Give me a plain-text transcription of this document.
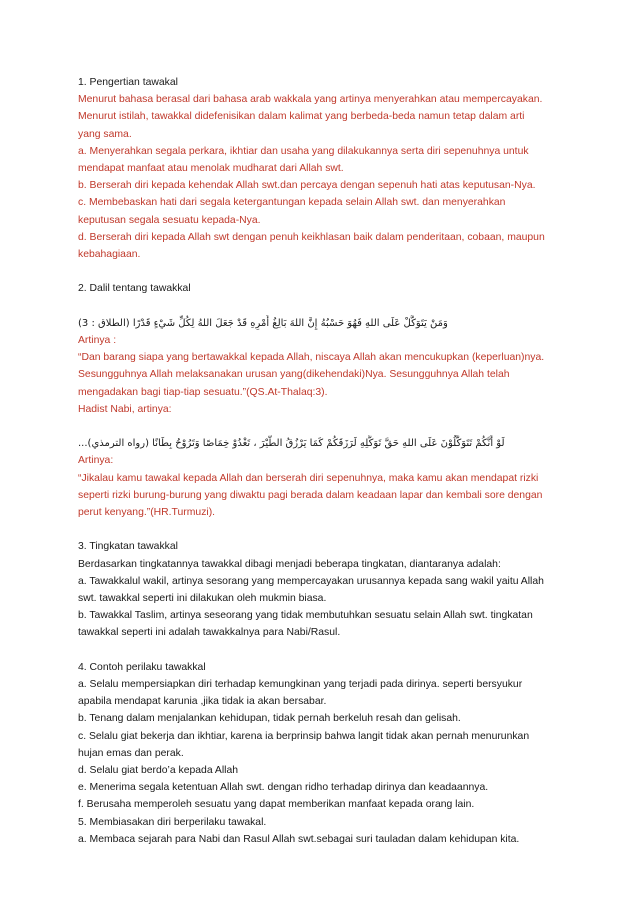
1. Pengertian tawakal

Menurut bahasa berasal dari bahasa arab wakkala yang artinya menyerahkan atau mempercayakan.

Menurut istilah, tawakkal didefenisikan dalam kalimat yang berbeda-beda namun tetap dalam arti

yang sama.

a. Menyerahkan segala perkara, ikhtiar dan usaha yang dilakukannya serta diri sepenuhnya untuk

mendapat manfaat atau menolak mudharat dari Allah swt.

b. Berserah diri kepada kehendak Allah swt.dan percaya dengan sepenuh hati atas keputusan-Nya.

c. Membebaskan hati dari segala ketergantungan kepada selain Allah swt. dan menyerahkan

keputusan segala sesuatu kepada-Nya.

d. Berserah diri kepada Allah swt dengan penuh keikhlasan baik dalam penderitaan, cobaan, maupun

kebahagiaan.

2. Dalil tentang tawakkal

وَمَنْ يَتَوَكَّلْ عَلَى اللهِ فَهُوَ حَسْبُهُ إِنَّ اللهَ بَالِغُ أَمْرِهِ قَدْ جَعَلَ اللهُ لِكُلِّ شَيْءٍ قَدْرًا (الطلاق : 3)

Artinya :

“Dan barang siapa yang bertawakkal kepada Allah, niscaya Allah akan mencukupkan (keperluan)nya.

Sesungguhnya Allah melaksanakan urusan yang(dikehendaki)Nya. Sesungguhnya Allah telah

mengadakan bagi tiap-tiap sesuatu.”(QS.At-Thalaq:3).

Hadist Nabi, artinya:

لَوْ أَنَّكُمْ تَتَوَكَّلُوْنَ عَلَى اللهِ حَقَّ تَوَكُّلِهِ لَرَزَقَكُمْ كَمَا يَرْزُقُ الطَّيْرَ ، تَغْدُوْ خِمَاصًا وَتَرُوْحُ بِطَانًا (رواه الترمذي)...

Artinya:

“Jikalau kamu tawakal kepada Allah dan berserah diri sepenuhnya, maka kamu akan mendapat rizki

seperti rizki burung-burung yang diwaktu pagi berada dalam keadaan lapar dan kembali sore dengan

perut kenyang.”(HR.Turmuzi).

3. Tingkatan tawakkal

Berdasarkan tingkatannya tawakkal dibagi menjadi beberapa tingkatan, diantaranya adalah:

a. Tawakkalul wakil, artinya sesorang yang mempercayakan urusannya kepada sang wakil yaitu Allah

swt. tawakkal seperti ini dilakukan oleh mukmin biasa.

b. Tawakkal Taslim, artinya seseorang yang tidak membutuhkan sesuatu selain Allah swt. tingkatan

tawakkal seperti ini adalah tawakkalnya para Nabi/Rasul.

4. Contoh perilaku tawakkal

a. Selalu mempersiapkan diri terhadap kemungkinan yang terjadi pada dirinya. seperti bersyukur

apabila mendapat karunia ,jika tidak ia akan bersabar.

b. Tenang dalam menjalankan kehidupan, tidak pernah berkeluh resah dan gelisah.

c. Selalu giat bekerja dan ikhtiar, karena ia berprinsip bahwa langit tidak akan pernah menurunkan

hujan emas dan perak.

d. Selalu giat berdo’a kepada Allah

e. Menerima segala ketentuan Allah swt. dengan ridho terhadap dirinya dan keadaannya.

f. Berusaha memperoleh sesuatu yang dapat memberikan manfaat kepada orang lain.

5. Membiasakan diri berperilaku tawakal.

a. Membaca sejarah para Nabi dan Rasul Allah swt.sebagai suri tauladan dalam kehidupan kita.
